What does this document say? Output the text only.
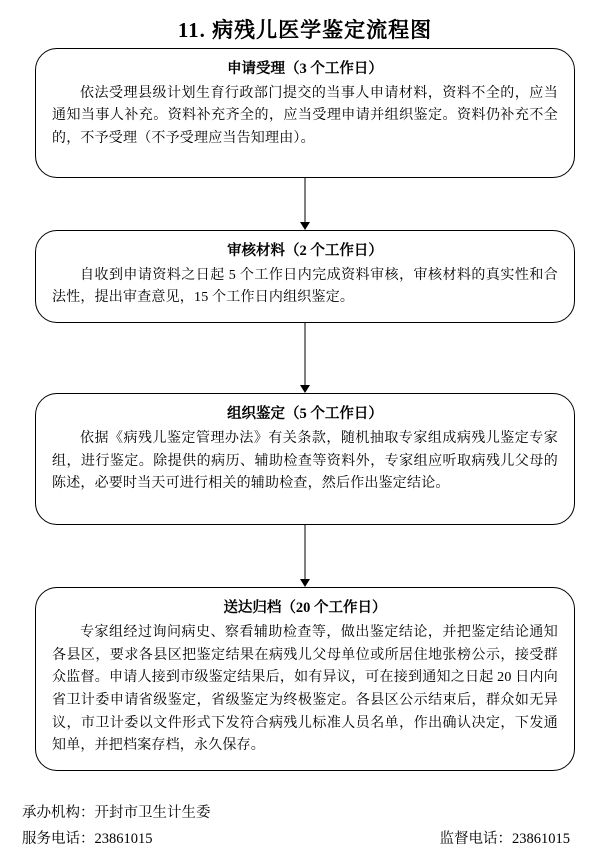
11. 病残儿医学鉴定流程图
申请受理（3 个工作日）
依法受理县级计划生育行政部门提交的当事人申请材料，资料不全的，应当通知当事人补充。资料补充齐全的，应当受理申请并组织鉴定。资料仍补充不全的，不予受理（不予受理应当告知理由）。
审核材料（2 个工作日）
自收到申请资料之日起 5 个工作日内完成资料审核，审核材料的真实性和合法性，提出审查意见，15 个工作日内组织鉴定。
组织鉴定（5 个工作日）
依据《病残儿鉴定管理办法》有关条款，随机抽取专家组成病残儿鉴定专家组，进行鉴定。除提供的病历、辅助检查等资料外，专家组应听取病残儿父母的陈述，必要时当天可进行相关的辅助检查，然后作出鉴定结论。
送达归档（20 个工作日）
专家组经过询问病史、察看辅助检查等，做出鉴定结论，并把鉴定结论通知各县区，要求各县区把鉴定结果在病残儿父母单位或所居住地张榜公示，接受群众监督。申请人接到市级鉴定结果后，如有异议，可在接到通知之日起 20 日内向省卫计委申请省级鉴定，省级鉴定为终极鉴定。各县区公示结束后，群众如无异议，市卫计委以文件形式下发符合病残儿标准人员名单，作出确认决定，下发通知单，并把档案存档，永久保存。
承办机构：开封市卫生计生委
服务电话：23861015	监督电话：23861015
